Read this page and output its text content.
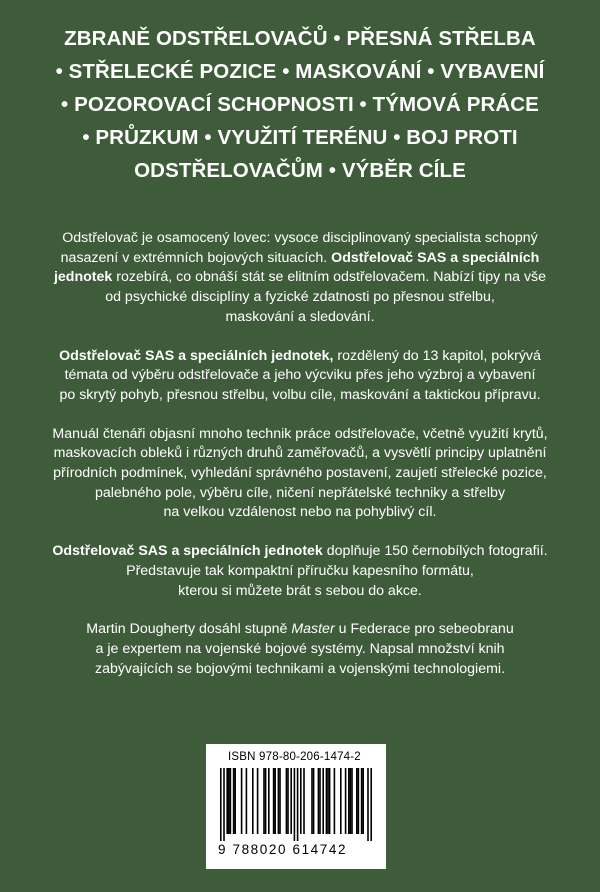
ZBRANĚ ODSTŘELOVAČŮ • PŘESNÁ STŘELBA
• STŘELECKÉ POZICE • MASKOVÁNÍ • VYBAVENÍ
• POZOROVACÍ SCHOPNOSTI • TÝMOVÁ PRÁCE
• PRŮZKUM • VYUŽITÍ TERÉNU • BOJ PROTI
ODSTŘELOVAČŮM • VÝBĚR CÍLE

Odstřelovač je osamocený lovec: vysoce disciplinovaný specialista schopný
nasazení v extrémních bojových situacích. Odstřelovač SAS a speciálních
jednotek rozebírá, co obnáší stát se elitním odstřelovačem. Nabízí tipy na vše
od psychické disciplíny a fyzické zdatnosti po přesnou střelbu,
maskování a sledování.

Odstřelovač SAS a speciálních jednotek, rozdělený do 13 kapitol, pokrývá
témata od výběru odstřelovače a jeho výcviku přes jeho výzbroj a vybavení
po skrytý pohyb, přesnou střelbu, volbu cíle, maskování a taktickou přípravu.

Manuál čtenáři objasní mnoho technik práce odstřelovače, včetně využití krytů,
maskovacích obleků i různých druhů zaměřovačů, a vysvětlí principy uplatnění
přírodních podmínek, vyhledání správného postavení, zaujetí střelecké pozice,
palebného pole, výběru cíle, ničení nepřátelské techniky a střelby
na velkou vzdálenost nebo na pohyblivý cíl.

Odstřelovač SAS a speciálních jednotek doplňuje 150 černobílých fotografií.
Představuje tak kompaktní příručku kapesního formátu,
kterou si můžete brát s sebou do akce.

Martin Dougherty dosáhl stupně Master u Federace pro sebeobranu
a je expertem na vojenské bojové systémy. Napsal množství knih
zabývajících se bojovými technikami a vojenskými technologiemi.

ISBN 978-80-206-1474-2
9 788020 614742
